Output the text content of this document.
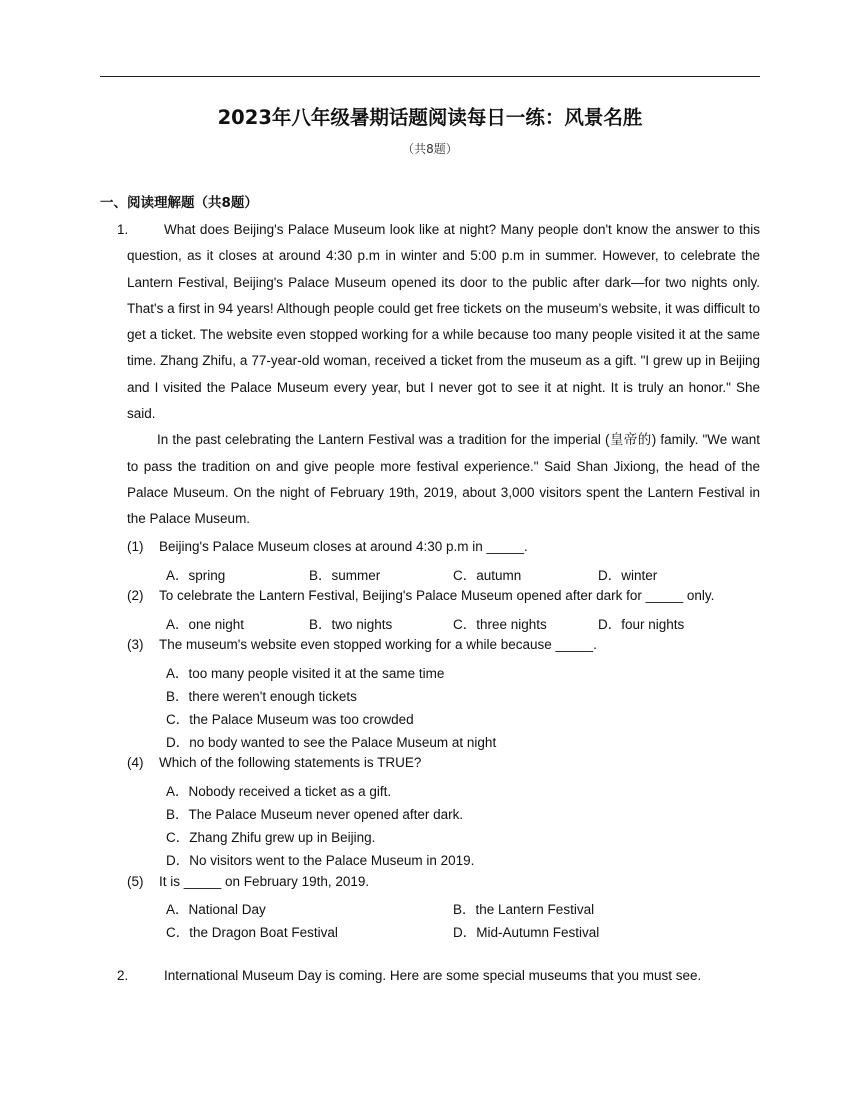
2023年八年级暑期话题阅读每日一练：风景名胜
（共8题）
一、阅读理解题（共8题）
1.	What does Beijing's Palace Museum look like at night? Many people don't know the answer to this question, as it closes at around 4:30 p.m in winter and 5:00 p.m in summer. However, to celebrate the Lantern Festival, Beijing's Palace Museum opened its door to the public after dark—for two nights only. That's a first in 94 years! Although people could get free tickets on the museum's website, it was difficult to get a ticket. The website even stopped working for a while because too many people visited it at the same time. Zhang Zhifu, a 77-year-old woman, received a ticket from the museum as a gift. "I grew up in Beijing and I visited the Palace Museum every year, but I never got to see it at night. It is truly an honor." She said.

In the past celebrating the Lantern Festival was a tradition for the imperial (皇帝的) family. "We want to pass the tradition on and give people more festival experience." Said Shan Jixiong, the head of the Palace Museum. On the night of February 19th, 2019, about 3,000 visitors spent the Lantern Festival in the Palace Museum.

(1) Beijing's Palace Museum closes at around 4:30 p.m in _____.
A．spring	B．summer	C．autumn	D．winter
(2) To celebrate the Lantern Festival, Beijing's Palace Museum opened after dark for _____ only.
A．one night	B．two nights	C．three nights	D．four nights
(3) The museum's website even stopped working for a while because _____.
A．too many people visited it at the same time
B．there weren't enough tickets
C．the Palace Museum was too crowded
D．no body wanted to see the Palace Museum at night
(4) Which of the following statements is TRUE?
A．Nobody received a ticket as a gift.
B．The Palace Museum never opened after dark.
C．Zhang Zhifu grew up in Beijing.
D．No visitors went to the Palace Museum in 2019.
(5) It is _____ on February 19th, 2019.
A．National Day	B．the Lantern Festival
C．the Dragon Boat Festival	D．Mid-Autumn Festival
2.	International Museum Day is coming. Here are some special museums that you must see.
